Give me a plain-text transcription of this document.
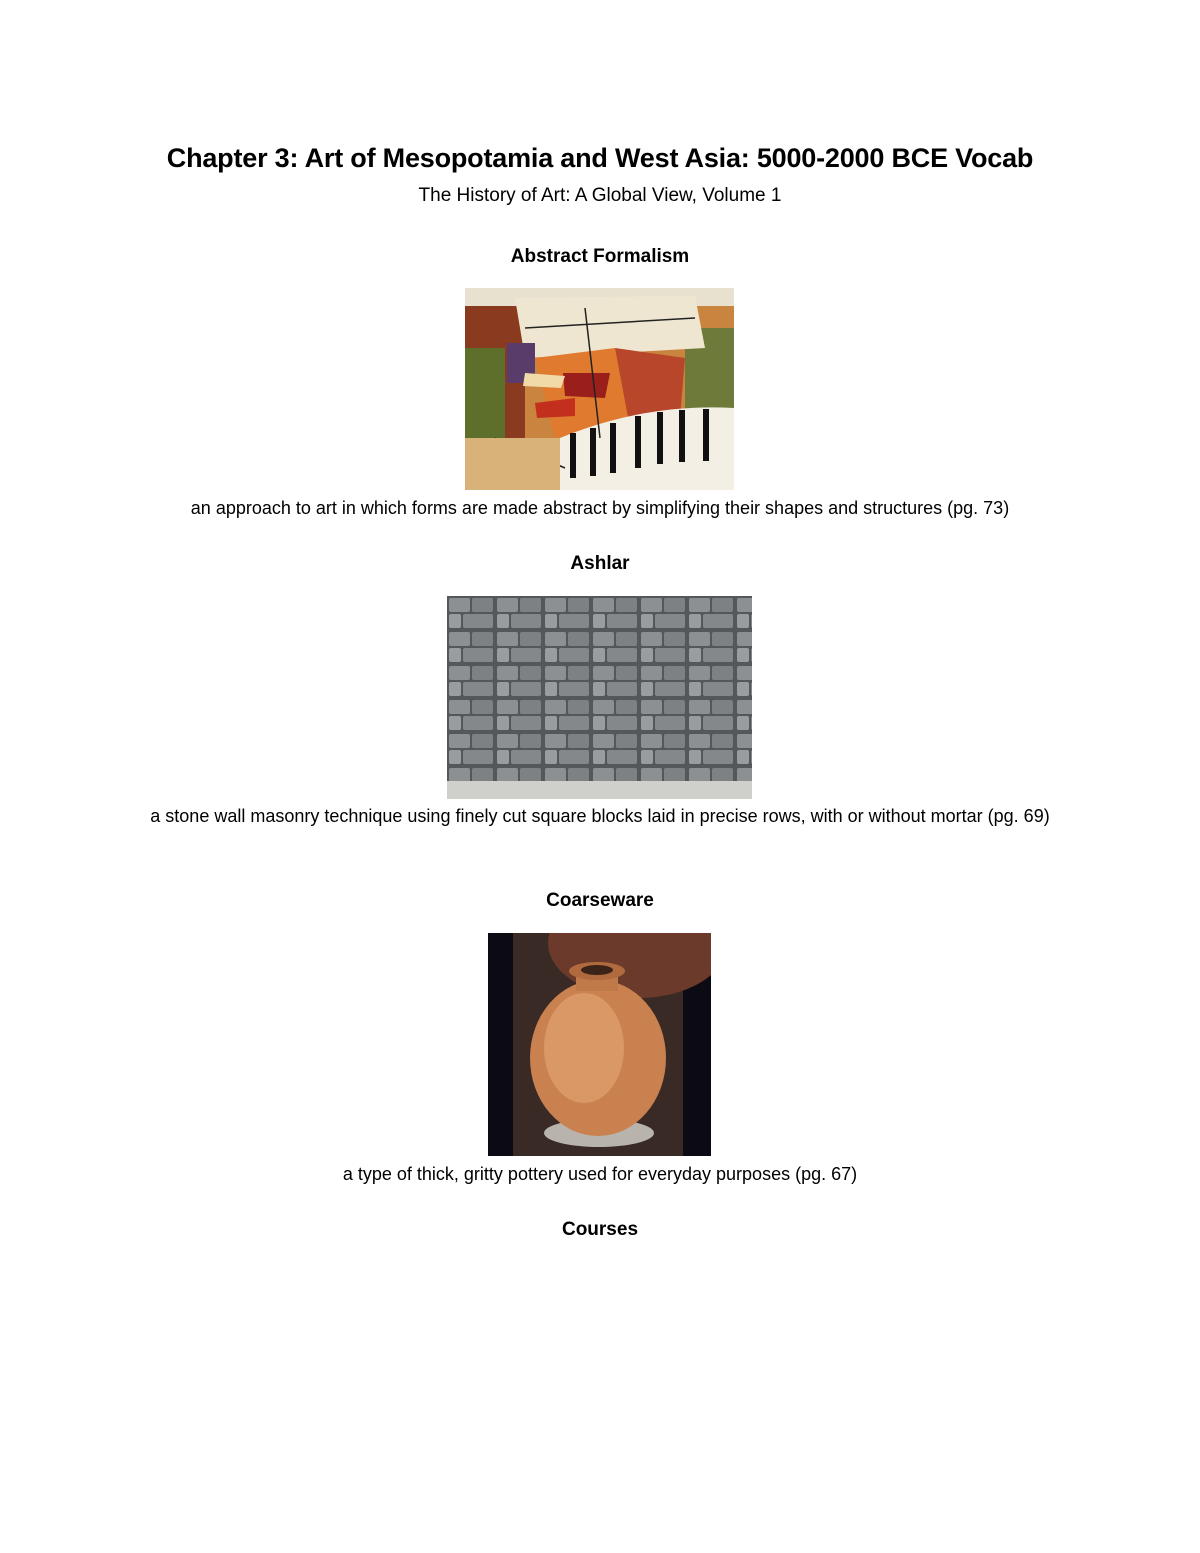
Chapter 3: Art of Mesopotamia and West Asia: 5000-2000 BCE Vocab
The History of Art: A Global View, Volume 1
Abstract Formalism
an approach to art in which forms are made abstract by simplifying their shapes and structures (pg. 73)
Ashlar
a stone wall masonry technique using finely cut square blocks laid in precise rows, with or without mortar (pg. 69)
Coarseware
a type of thick, gritty pottery used for everyday purposes (pg. 67)
Courses
